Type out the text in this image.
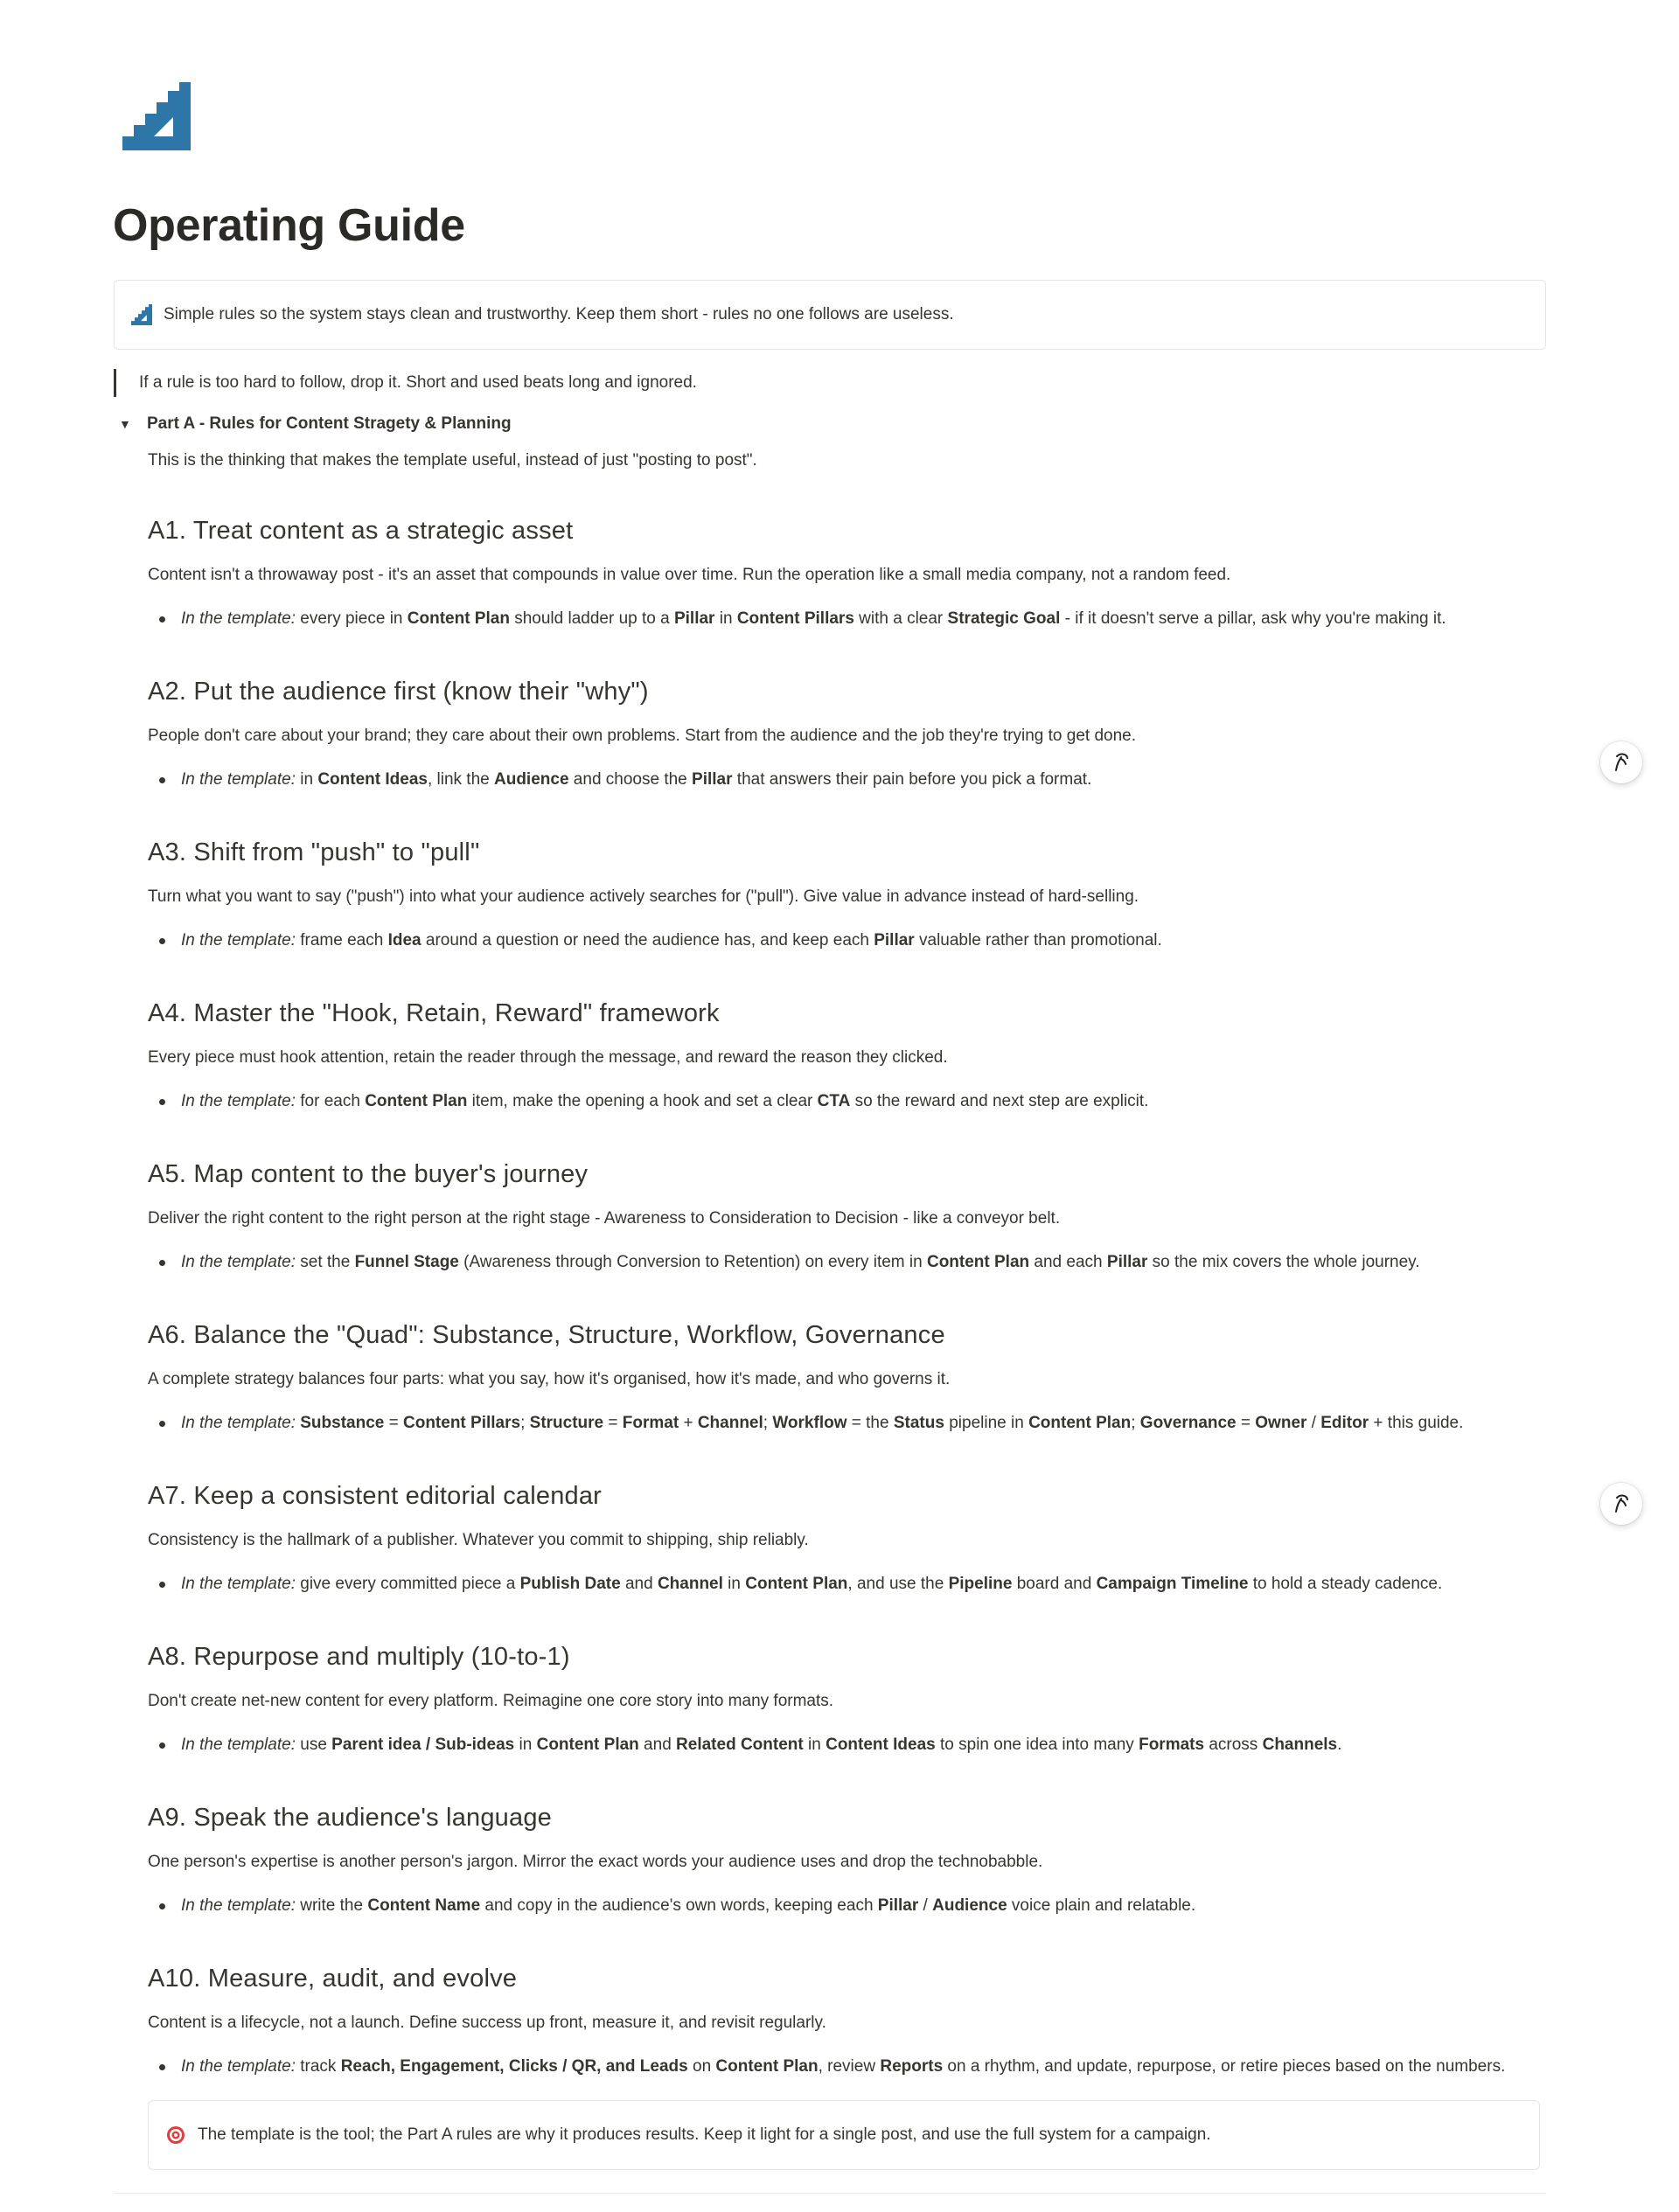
Operating Guide
Simple rules so the system stays clean and trustworthy. Keep them short - rules no one follows are useless.
If a rule is too hard to follow, drop it. Short and used beats long and ignored.
▼ Part A - Rules for Content Stragety & Planning
This is the thinking that makes the template useful, instead of just "posting to post".
A1. Treat content as a strategic asset
Content isn't a throwaway post - it's an asset that compounds in value over time. Run the operation like a small media company, not a random feed.
In the template: every piece in Content Plan should ladder up to a Pillar in Content Pillars with a clear Strategic Goal - if it doesn't serve a pillar, ask why you're making it.
A2. Put the audience first (know their "why")
People don't care about your brand; they care about their own problems. Start from the audience and the job they're trying to get done.
In the template: in Content Ideas, link the Audience and choose the Pillar that answers their pain before you pick a format.
A3. Shift from "push" to "pull"
Turn what you want to say ("push") into what your audience actively searches for ("pull"). Give value in advance instead of hard-selling.
In the template: frame each Idea around a question or need the audience has, and keep each Pillar valuable rather than promotional.
A4. Master the "Hook, Retain, Reward" framework
Every piece must hook attention, retain the reader through the message, and reward the reason they clicked.
In the template: for each Content Plan item, make the opening a hook and set a clear CTA so the reward and next step are explicit.
A5. Map content to the buyer's journey
Deliver the right content to the right person at the right stage - Awareness to Consideration to Decision - like a conveyor belt.
In the template: set the Funnel Stage (Awareness through Conversion to Retention) on every item in Content Plan and each Pillar so the mix covers the whole journey.
A6. Balance the "Quad": Substance, Structure, Workflow, Governance
A complete strategy balances four parts: what you say, how it's organised, how it's made, and who governs it.
In the template: Substance = Content Pillars; Structure = Format + Channel; Workflow = the Status pipeline in Content Plan; Governance = Owner / Editor + this guide.
A7. Keep a consistent editorial calendar
Consistency is the hallmark of a publisher. Whatever you commit to shipping, ship reliably.
In the template: give every committed piece a Publish Date and Channel in Content Plan, and use the Pipeline board and Campaign Timeline to hold a steady cadence.
A8. Repurpose and multiply (10-to-1)
Don't create net-new content for every platform. Reimagine one core story into many formats.
In the template: use Parent idea / Sub-ideas in Content Plan and Related Content in Content Ideas to spin one idea into many Formats across Channels.
A9. Speak the audience's language
One person's expertise is another person's jargon. Mirror the exact words your audience uses and drop the technobabble.
In the template: write the Content Name and copy in the audience's own words, keeping each Pillar / Audience voice plain and relatable.
A10. Measure, audit, and evolve
Content is a lifecycle, not a launch. Define success up front, measure it, and revisit regularly.
In the template: track Reach, Engagement, Clicks / QR, and Leads on Content Plan, review Reports on a rhythm, and update, repurpose, or retire pieces based on the numbers.
The template is the tool; the Part A rules are why it produces results. Keep it light for a single post, and use the full system for a campaign.
